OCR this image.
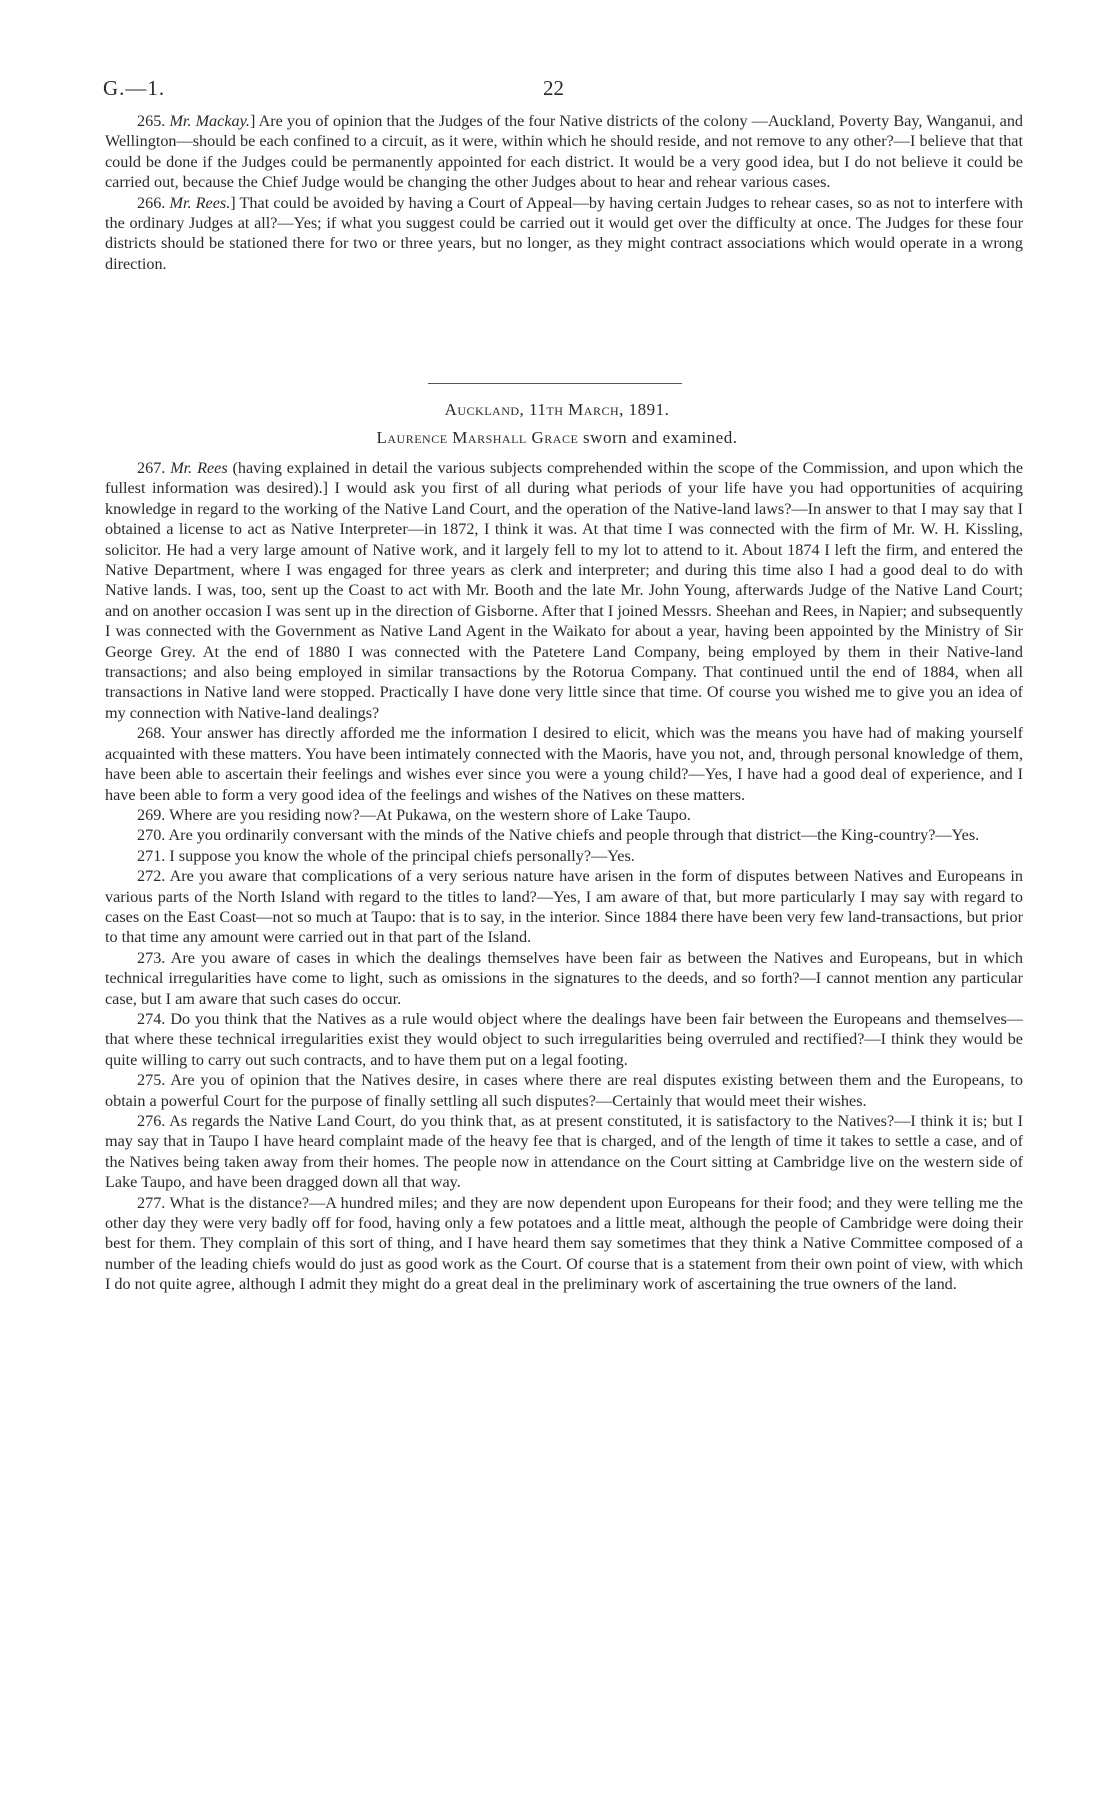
G.—1.	22

265. Mr. Mackay.] Are you of opinion that the Judges of the four Native districts of the colony —Auckland, Poverty Bay, Wanganui, and Wellington—should be each confined to a circuit, as it were, within which he should reside, and not remove to any other?—I believe that that could be done if the Judges could be permanently appointed for each district. It would be a very good idea, but I do not believe it could be carried out, because the Chief Judge would be changing the other Judges about to hear and rehear various cases.

266. Mr. Rees.] That could be avoided by having a Court of Appeal—by having certain Judges to rehear cases, so as not to interfere with the ordinary Judges at all?—Yes; if what you suggest could be carried out it would get over the difficulty at once. The Judges for these four districts should be stationed there for two or three years, but no longer, as they might contract associations which would operate in a wrong direction.

Auckland, 11th March, 1891.
Laurence Marshall Grace sworn and examined.

267. Mr. Rees (having explained in detail the various subjects comprehended within the scope of the Commission, and upon which the fullest information was desired).] I would ask you first of all during what periods of your life have you had opportunities of acquiring knowledge in regard to the working of the Native Land Court, and the operation of the Native-land laws?—In answer to that I may say that I obtained a license to act as Native Interpreter—in 1872, I think it was. At that time I was connected with the firm of Mr. W. H. Kissling, solicitor. He had a very large amount of Native work, and it largely fell to my lot to attend to it. About 1874 I left the firm, and entered the Native Department, where I was engaged for three years as clerk and interpreter; and during this time also I had a good deal to do with Native lands. I was, too, sent up the Coast to act with Mr. Booth and the late Mr. John Young, afterwards Judge of the Native Land Court; and on another occasion I was sent up in the direction of Gisborne. After that I joined Messrs. Sheehan and Rees, in Napier; and subsequently I was connected with the Government as Native Land Agent in the Waikato for about a year, having been appointed by the Ministry of Sir George Grey. At the end of 1880 I was connected with the Patetere Land Company, being employed by them in their Native-land transactions; and also being employed in similar transactions by the Rotorua Company. That continued until the end of 1884, when all transactions in Native land were stopped. Practically I have done very little since that time. Of course you wished me to give you an idea of my connection with Native-land dealings?

268. Your answer has directly afforded me the information I desired to elicit, which was the means you have had of making yourself acquainted with these matters. You have been intimately connected with the Maoris, have you not, and, through personal knowledge of them, have been able to ascertain their feelings and wishes ever since you were a young child?—Yes, I have had a good deal of experience, and I have been able to form a very good idea of the feelings and wishes of the Natives on these matters.

269. Where are you residing now?—At Pukawa, on the western shore of Lake Taupo.

270. Are you ordinarily conversant with the minds of the Native chiefs and people through that district—the King-country?—Yes.

271. I suppose you know the whole of the principal chiefs personally?—Yes.

272. Are you aware that complications of a very serious nature have arisen in the form of disputes between Natives and Europeans in various parts of the North Island with regard to the titles to land?—Yes, I am aware of that, but more particularly I may say with regard to cases on the East Coast—not so much at Taupo: that is to say, in the interior. Since 1884 there have been very few land-transactions, but prior to that time any amount were carried out in that part of the Island.

273. Are you aware of cases in which the dealings themselves have been fair as between the Natives and Europeans, but in which technical irregularities have come to light, such as omissions in the signatures to the deeds, and so forth?—I cannot mention any particular case, but I am aware that such cases do occur.

274. Do you think that the Natives as a rule would object where the dealings have been fair between the Europeans and themselves—that where these technical irregularities exist they would object to such irregularities being overruled and rectified?—I think they would be quite willing to carry out such contracts, and to have them put on a legal footing.

275. Are you of opinion that the Natives desire, in cases where there are real disputes existing between them and the Europeans, to obtain a powerful Court for the purpose of finally settling all such disputes?—Certainly that would meet their wishes.

276. As regards the Native Land Court, do you think that, as at present constituted, it is satisfactory to the Natives?—I think it is; but I may say that in Taupo I have heard complaint made of the heavy fee that is charged, and of the length of time it takes to settle a case, and of the Natives being taken away from their homes. The people now in attendance on the Court sitting at Cambridge live on the western side of Lake Taupo, and have been dragged down all that way.

277. What is the distance?—A hundred miles; and they are now dependent upon Europeans for their food; and they were telling me the other day they were very badly off for food, having only a few potatoes and a little meat, although the people of Cambridge were doing their best for them. They complain of this sort of thing, and I have heard them say sometimes that they think a Native Committee composed of a number of the leading chiefs would do just as good work as the Court. Of course that is a statement from their own point of view, with which I do not quite agree, although I admit they might do a great deal in the preliminary work of ascertaining the true owners of the land.
